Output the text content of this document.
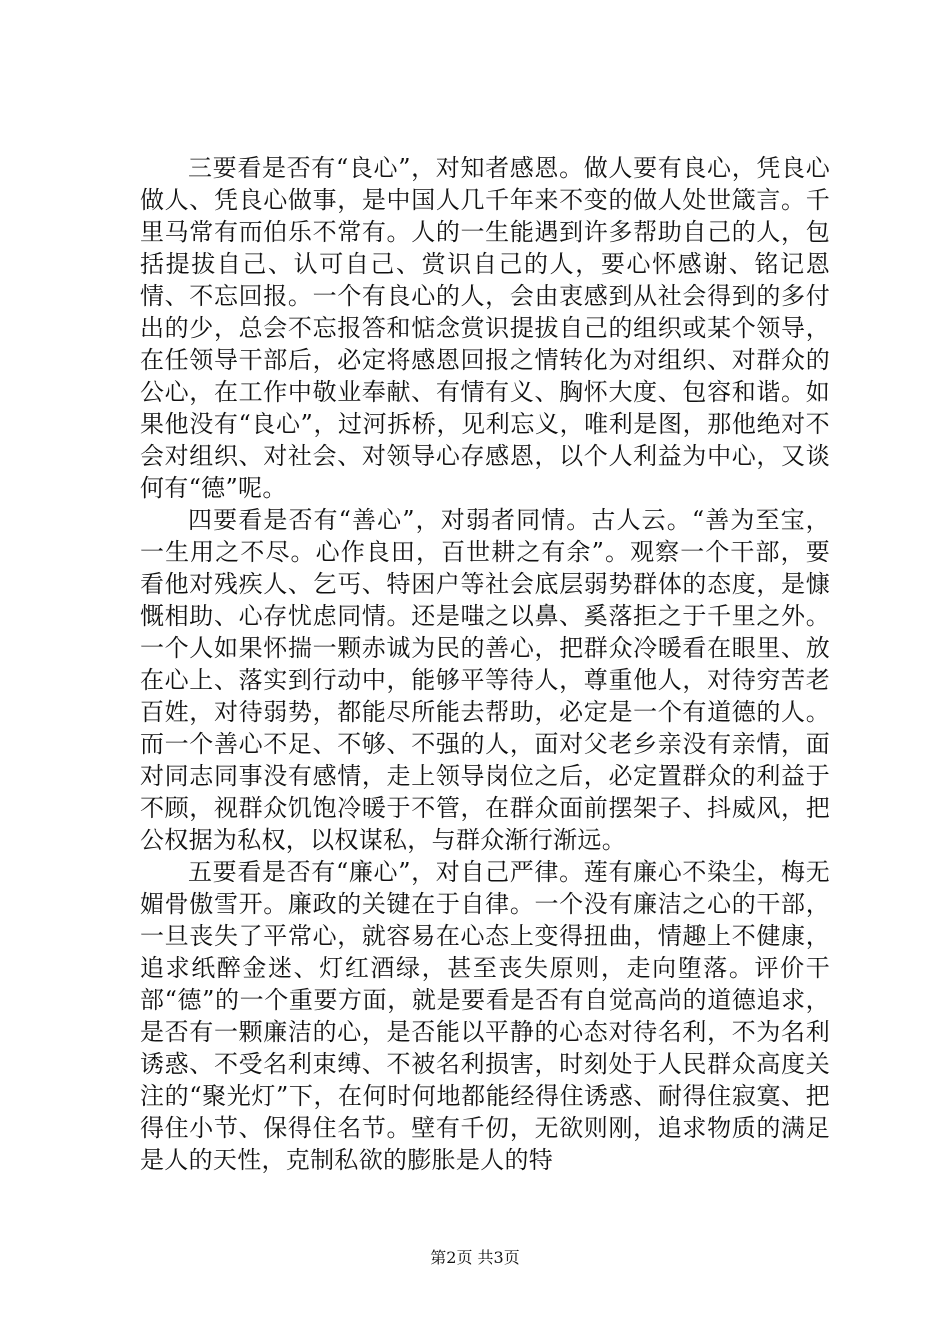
三要看是否有“良心”，对知者感恩。做人要有良心，凭良心做人、凭良心做事，是中国人几千年来不变的做人处世箴言。千里马常有而伯乐不常有。人的一生能遇到许多帮助自己的人，包括提拔自己、认可自己、赏识自己的人，要心怀感谢、铭记恩情、不忘回报。一个有良心的人，会由衷感到从社会得到的多付出的少，总会不忘报答和惦念赏识提拔自己的组织或某个领导，在任领导干部后，必定将感恩回报之情转化为对组织、对群众的公心，在工作中敬业奉献、有情有义、胸怀大度、包容和谐。如果他没有“良心”，过河拆桥，见利忘义，唯利是图，那他绝对不会对组织、对社会、对领导心存感恩，以个人利益为中心，又谈何有“德”呢。

四要看是否有“善心”，对弱者同情。古人云。“善为至宝，一生用之不尽。心作良田，百世耕之有余”。观察一个干部，要看他对残疾人、乞丐、特困户等社会底层弱势群体的态度，是慷慨相助、心存忧虑同情。还是嗤之以鼻、奚落拒之于千里之外。一个人如果怀揣一颗赤诚为民的善心，把群众冷暖看在眼里、放在心上、落实到行动中，能够平等待人，尊重他人，对待穷苦老百姓，对待弱势，都能尽所能去帮助，必定是一个有道德的人。而一个善心不足、不够、不强的人，面对父老乡亲没有亲情，面对同志同事没有感情，走上领导岗位之后，必定置群众的利益于不顾，视群众饥饱冷暖于不管，在群众面前摆架子、抖威风，把公权据为私权，以权谋私，与群众渐行渐远。

五要看是否有“廉心”，对自己严律。莲有廉心不染尘，梅无媚骨傲雪开。廉政的关键在于自律。一个没有廉洁之心的干部，一旦丧失了平常心，就容易在心态上变得扭曲，情趣上不健康，追求纸醉金迷、灯红酒绿，甚至丧失原则，走向堕落。评价干部“德”的一个重要方面，就是要看是否有自觉高尚的道德追求，是否有一颗廉洁的心，是否能以平静的心态对待名利，不为名利诱惑、不受名利束缚、不被名利损害，时刻处于人民群众高度关注的“聚光灯”下，在何时何地都能经得住诱惑、耐得住寂寞、把得住小节、保得住名节。壁有千仞，无欲则刚，追求物质的满足是人的天性，克制私欲的膨胀是人的特

第2页 共3页
